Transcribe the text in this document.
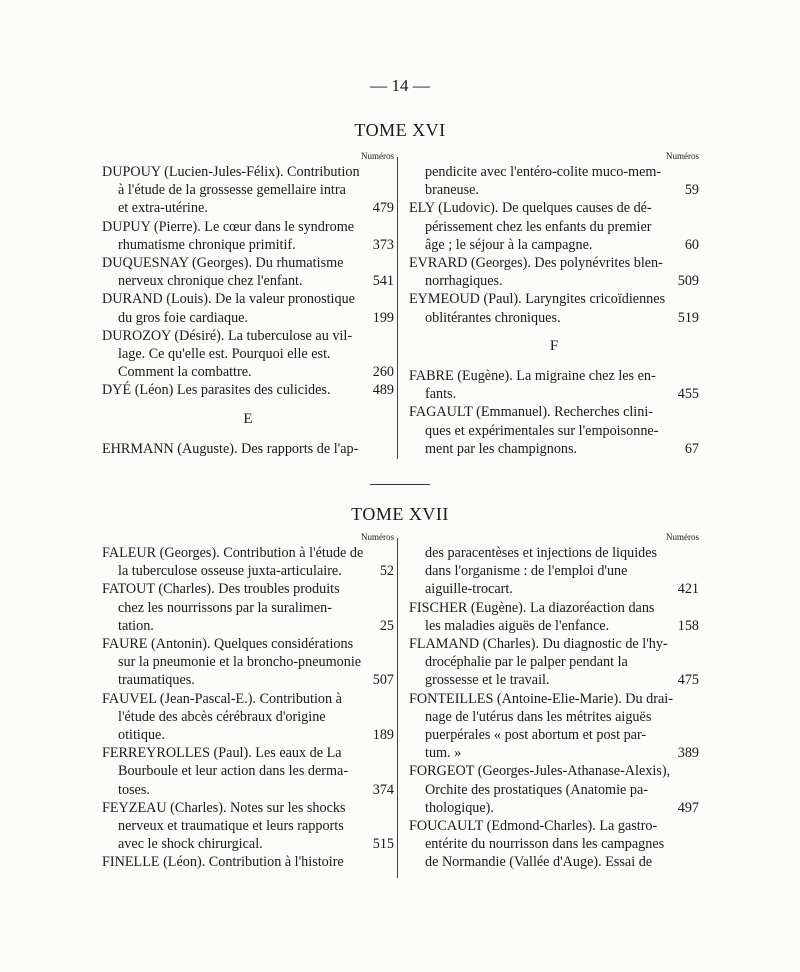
— 14 —
TOME XVI
Numéros
DUPOUY (Lucien-Jules-Félix). Contribution
à l'étude de la grossesse gemellaire intra
et extra-utérine.	479
DUPUY (Pierre). Le cœur dans le syndrome
rhumatisme chronique primitif.	373
DUQUESNAY (Georges). Du rhumatisme
nerveux chronique chez l'enfant.	541
DURAND (Louis). De la valeur pronostique
du gros foie cardiaque.	199
DUROZOY (Désiré). La tuberculose au vil-
lage. Ce qu'elle est. Pourquoi elle est.
Comment la combattre.	260
DYÉ (Léon) Les parasites des culicides.	489
E
EHRMANN (Auguste). Des rapports de l'ap-
Numéros
pendicite avec l'entéro-colite muco-mem-
braneuse.	59
ELY (Ludovic). De quelques causes de dé-
périssement chez les enfants du premier
âge ; le séjour à la campagne.	60
EVRARD (Georges). Des polynévrites blen-
norrhagiques.	509
EYMEOUD (Paul). Laryngites cricoïdiennes
oblitérantes chroniques.	519
F
FABRE (Eugène). La migraine chez les en-
fants.	455
FAGAULT (Emmanuel). Recherches clini-
ques et expérimentales sur l'empoisonne-
ment par les champignons.	67
TOME XVII
Numéros
FALEUR (Georges). Contribution à l'étude de
la tuberculose osseuse juxta-articulaire.	52
FATOUT (Charles). Des troubles produits
chez les nourrissons par la suralimen-
tation.	25
FAURE (Antonin). Quelques considérations
sur la pneumonie et la broncho-pneumonie
traumatiques.	507
FAUVEL (Jean-Pascal-E.). Contribution à
l'étude des abcès cérébraux d'origine
otitique.	189
FERREYROLLES (Paul). Les eaux de La
Bourboule et leur action dans les derma-
toses.	374
FEYZEAU (Charles). Notes sur les shocks
nerveux et traumatique et leurs rapports
avec le shock chirurgical.	515
FINELLE (Léon). Contribution à l'histoire
Numéros
des paracentèses et injections de liquides
dans l'organisme : de l'emploi d'une
aiguille-trocart.	421
FISCHER (Eugène). La diazoréaction dans
les maladies aiguës de l'enfance.	158
FLAMAND (Charles). Du diagnostic de l'hy-
drocéphalie par le palper pendant la
grossesse et le travail.	475
FONTEILLES (Antoine-Elie-Marie). Du drai-
nage de l'utérus dans les métrites aiguës
puerpérales « post abortum et post par-
tum. »	389
FORGEOT (Georges-Jules-Athanase-Alexis),
Orchite des prostatiques (Anatomie pa-
thologique).	497
FOUCAULT (Edmond-Charles). La gastro-
entérite du nourrisson dans les campagnes
de Normandie (Vallée d'Auge). Essai de
